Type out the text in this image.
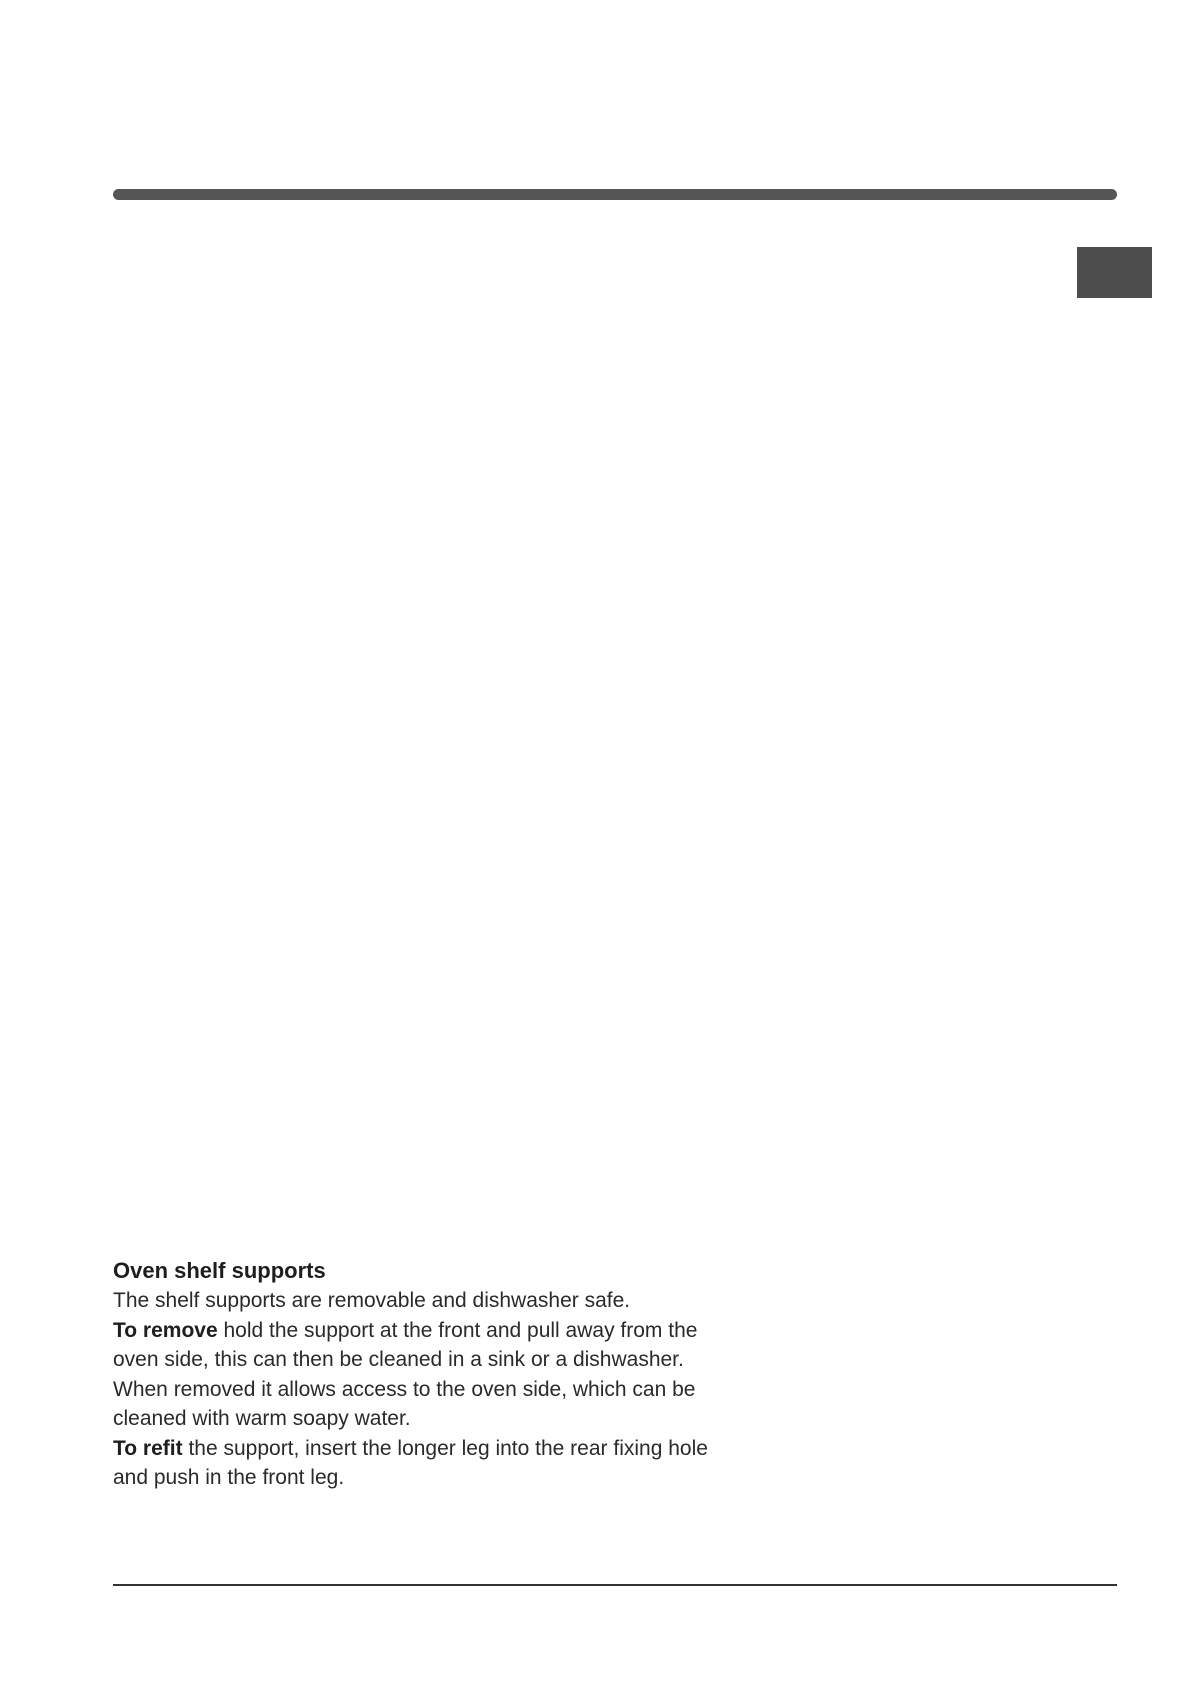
Oven shelf supports

The shelf supports are removable and dishwasher safe.

To remove hold the support at the front and pull away from the oven side, this can then be cleaned in a sink or a dishwasher.

When removed it allows access to the oven side, which can be cleaned with warm soapy water.

To refit the support, insert the longer leg into the rear fixing hole and push in the front leg.
